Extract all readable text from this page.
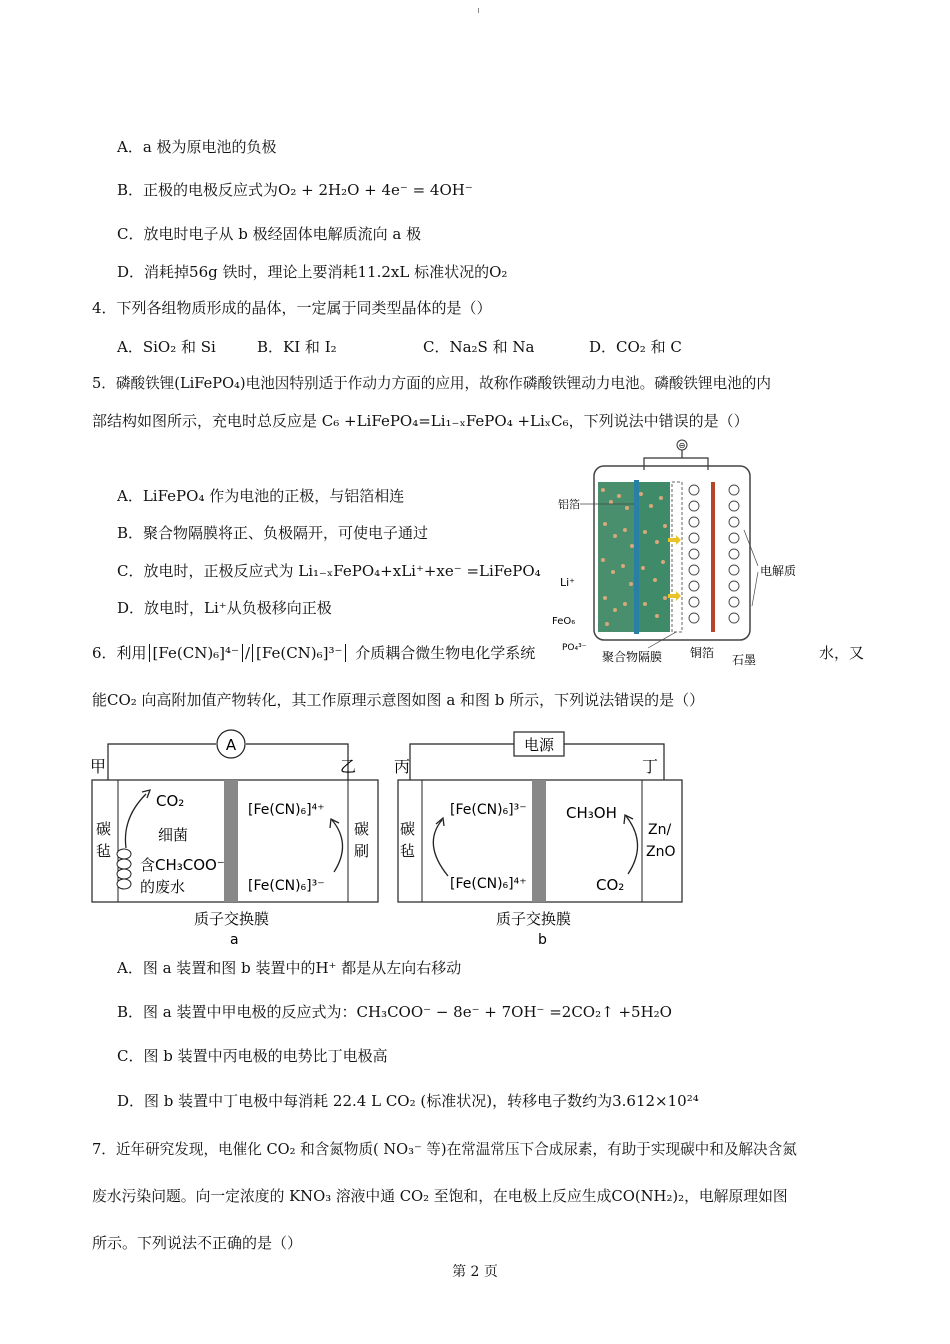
A．a 极为原电池的负极
B．正极的电极反应式为O₂ + 2H₂O + 4e⁻ = 4OH⁻
C．放电时电子从 b 极经固体电解质流向 a 极
D．消耗掉56g 铁时，理论上要消耗11.2xL 标准状况的O₂
4．下列各组物质形成的晶体，一定属于同类型晶体的是（）
A．SiO₂ 和 Si	B．KI 和 I₂	C．Na₂S 和 Na	D．CO₂ 和 C
5．磷酸铁锂(LiFePO₄)电池因特别适于作动力方面的应用，故称作磷酸铁锂动力电池。磷酸铁锂电池的内
部结构如图所示，充电时总反应是 C₆ +LiFePO₄=Li₁₋ₓFePO₄ +LiₓC₆，下列说法中错误的是（）
A．LiFePO₄ 作为电池的正极，与铝箔相连
B．聚合物隔膜将正、负极隔开，可使电子通过
C．放电时，正极反应式为 Li₁₋ₓFePO₄+xLi⁺+xe⁻ =LiFePO₄
D．放电时，Li⁺从负极移向正极
⊖
铝箔
Li⁺
FeO₆
PO₄³⁻
聚合物隔膜 铜箔 石墨
电解质
6．利用 [Fe(CN)₆]⁴⁻ / [Fe(CN)₆]³⁻ 介质耦合微生物电化学系统	水，又
能CO₂ 向高附加值产物转化，其工作原理示意图如图 a 和图 b 所示，下列说法错误的是（）
A
甲	乙
碳
毡
碳
刷
CO₂
细菌
含CH₃COO⁻
的废水
[Fe(CN)₆]⁴⁺
[Fe(CN)₆]³⁻
质子交换膜
a
电源
丙	丁
碳
毡
[Fe(CN)₆]³⁻
[Fe(CN)₆]⁴⁺
CH₃OH
CO₂
Zn/
ZnO
质子交换膜
b
A．图 a 装置和图 b 装置中的H⁺ 都是从左向右移动
B．图 a 装置中甲电极的反应式为：CH₃COO⁻ − 8e⁻ + 7OH⁻ =2CO₂↑ +5H₂O
C．图 b 装置中丙电极的电势比丁电极高
D．图 b 装置中丁电极中每消耗 22.4 L CO₂ (标准状况)，转移电子数约为3.612×10²⁴
7．近年研究发现，电催化 CO₂ 和含氮物质( NO₃⁻ 等)在常温常压下合成尿素，有助于实现碳中和及解决含氮
废水污染问题。向一定浓度的 KNO₃ 溶液中通 CO₂ 至饱和，在电极上反应生成CO(NH₂)₂，电解原理如图
所示。下列说法不正确的是（）
第 2 页
